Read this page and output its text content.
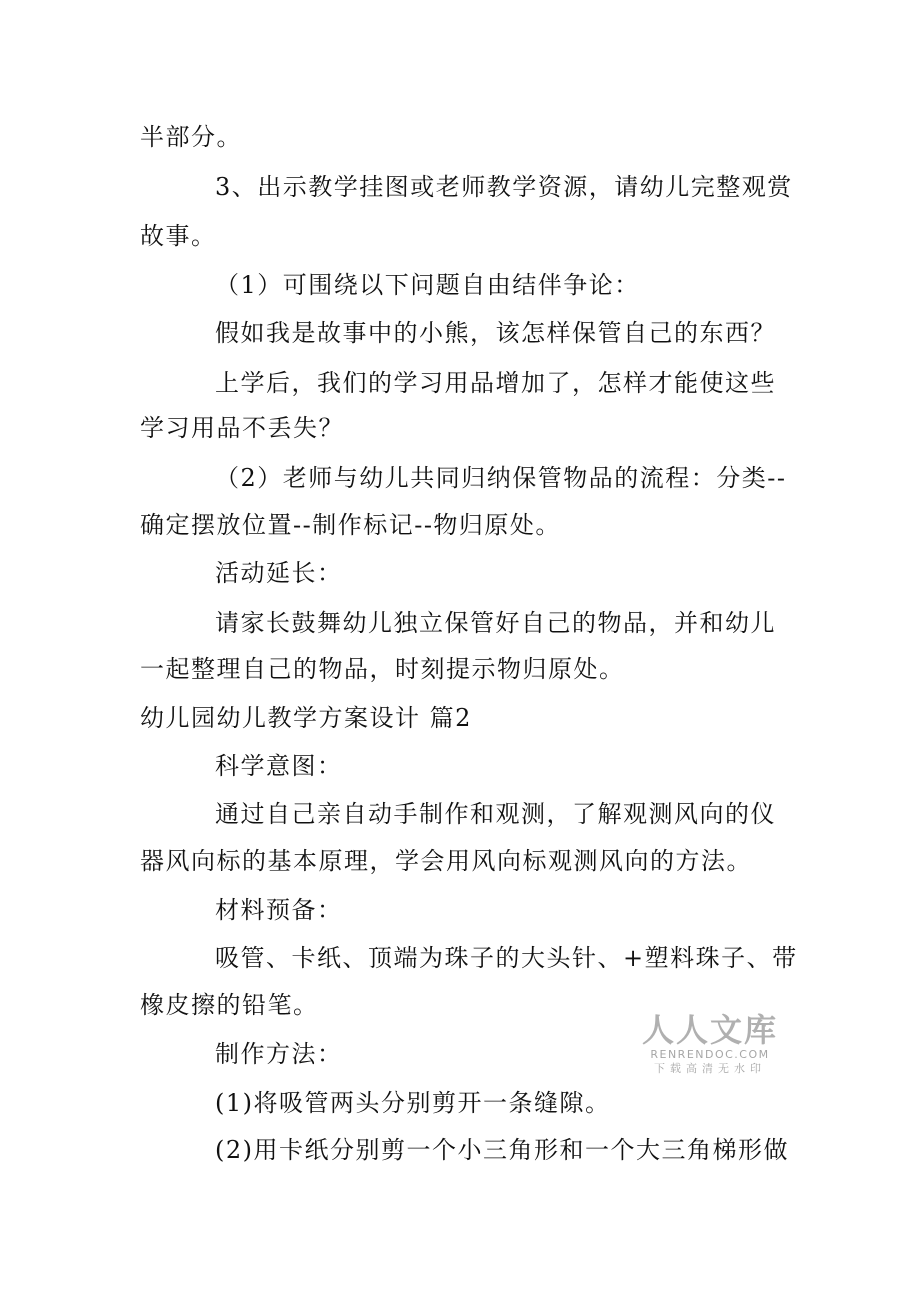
半部分。
3、出示教学挂图或老师教学资源，请幼儿完整观赏
故事。
（1）可围绕以下问题自由结伴争论：
假如我是故事中的小熊，该怎样保管自己的东西？
上学后，我们的学习用品增加了，怎样才能使这些
学习用品不丢失？
（2）老师与幼儿共同归纳保管物品的流程：分类--
确定摆放位置--制作标记--物归原处。
活动延长：
请家长鼓舞幼儿独立保管好自己的物品，并和幼儿
一起整理自己的物品，时刻提示物归原处。
幼儿园幼儿教学方案设计 篇2
科学意图：
通过自己亲自动手制作和观测，了解观测风向的仪
器风向标的基本原理，学会用风向标观测风向的方法。
材料预备：
吸管、卡纸、顶端为珠子的大头针、+塑料珠子、带
橡皮擦的铅笔。
制作方法：
(1)将吸管两头分别剪开一条缝隙。
(2)用卡纸分别剪一个小三角形和一个大三角梯形做
人人文库
RENRENDOC.COM
下载高清无水印
